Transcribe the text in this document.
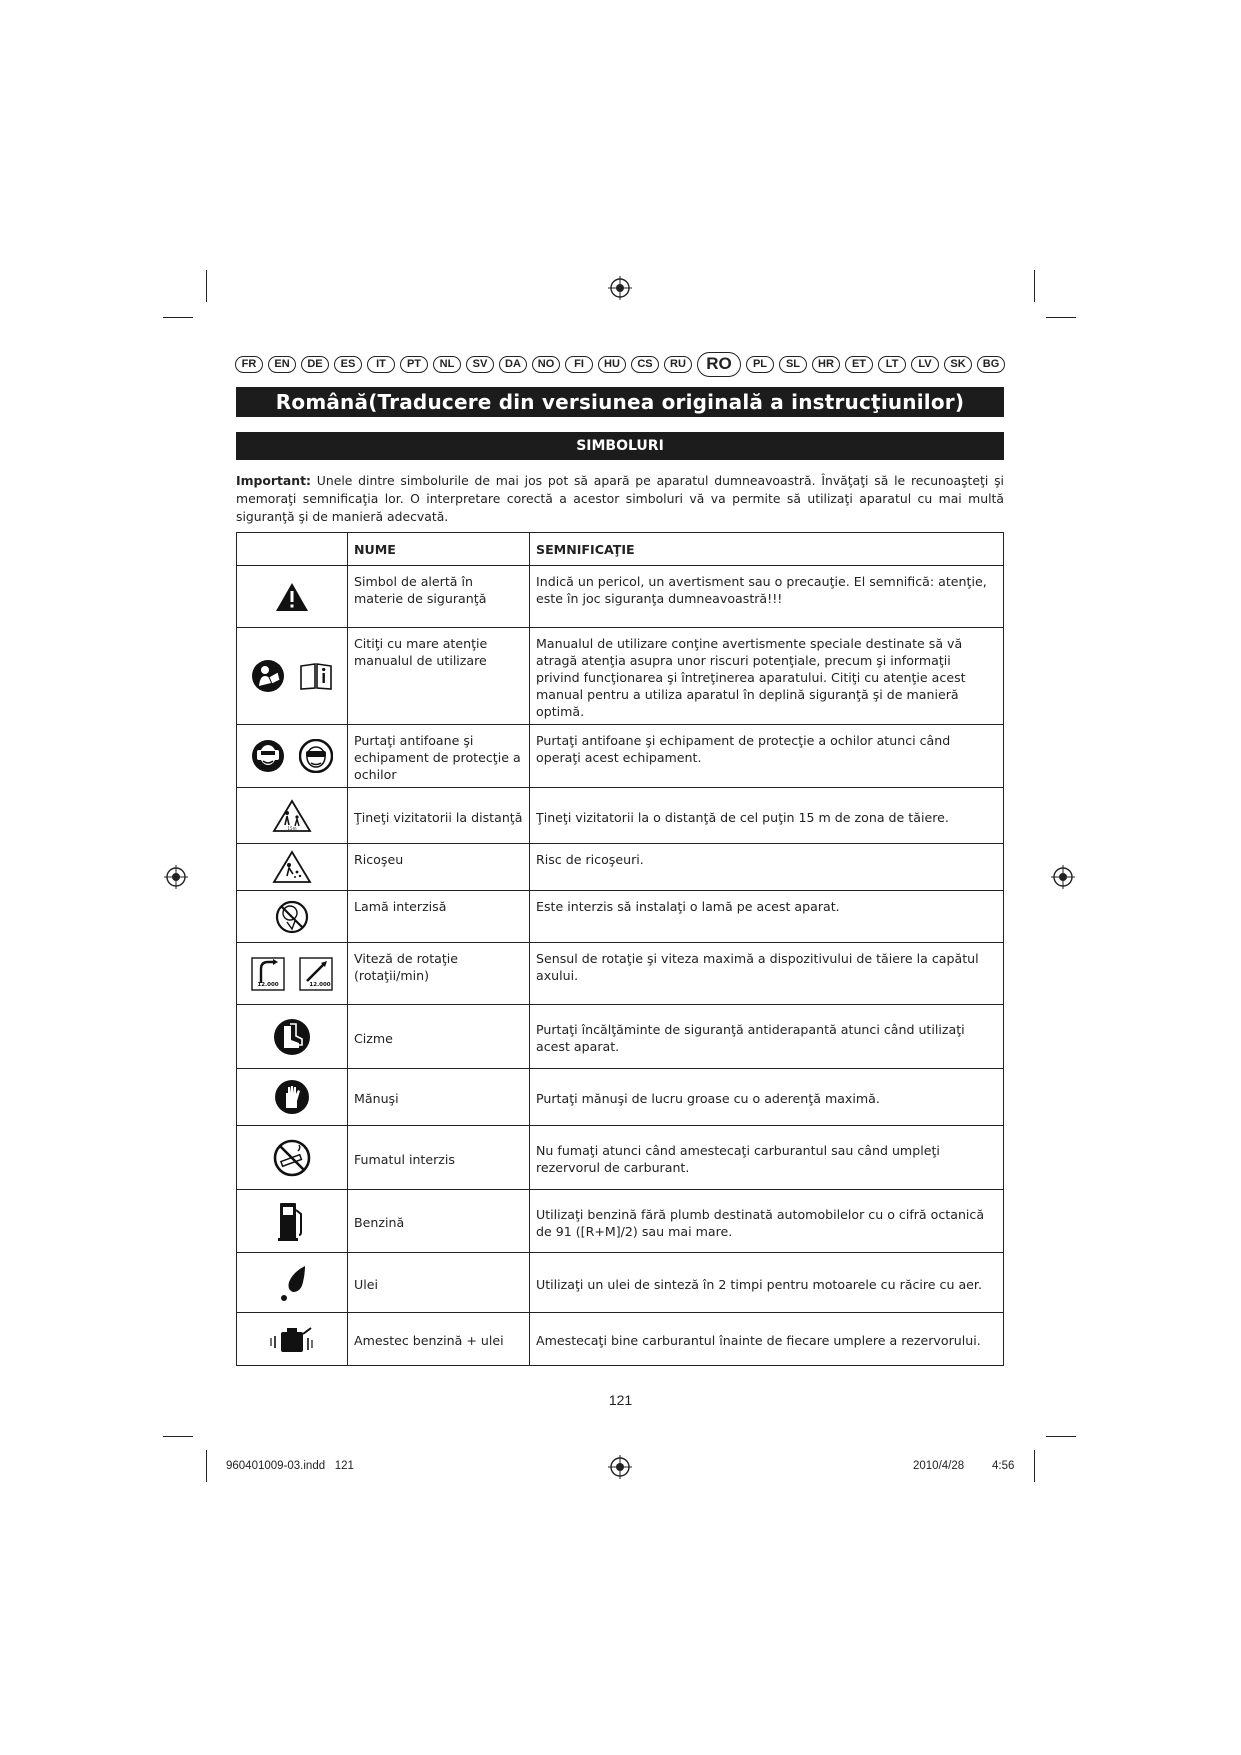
FR	EN	DE	ES	IT	PT	NL	SV	DA	NO	FI	HU	CS	RU	RO	PL	SL	HR	ET	LT	LV	SK	BG
Română(Traducere din versiunea originală a instrucţiunilor)
SIMBOLURI
Important: Unele dintre simbolurile de mai jos pot să apară pe aparatul dumneavoastră. Învăţaţi să le recunoaşteţi şi memoraţi semnificaţia lor. O interpretare corectă a acestor simboluri vă va permite să utilizaţi aparatul cu mai multă siguranţă şi de manieră adecvată.
	NUME	SEMNIFICAŢIE

	Simbol de alertă în materie de siguranţă	Indică un pericol, un avertisment sau o precauţie. El semnifică: atenţie, este în joc siguranţa dumneavoastră!!!

	Citiţi cu mare atenţie manualul de utilizare	Manualul de utilizare conţine avertismente speciale destinate să vă atragă atenţia asupra unor riscuri potenţiale, precum şi informaţii privind funcţionarea şi întreţinerea aparatului. Citiţi cu atenţie acest manual pentru a utiliza aparatul în deplină siguranţă şi de manieră optimă.

	Purtaţi antifoane şi echipament de protecţie a ochilor	Purtaţi antifoane şi echipament de protecţie a ochilor atunci când operaţi acest echipament.

15m	Ţineţi vizitatorii la distanţă	Ţineţi vizitatorii la o distanţă de cel puţin 15 m de zona de tăiere.

	Ricoşeu	Risc de ricoşeuri.

	Lamă interzisă	Este interzis să instalaţi o lamă pe acest aparat.

12.000 12.000	Viteză de rotaţie (rotaţii/min)	Sensul de rotaţie şi viteza maximă a dispozitivului de tăiere la capătul axului.

	Cizme	Purtaţi încălţăminte de siguranţă antiderapantă atunci când utilizaţi acest aparat.

	Mănuşi	Purtaţi mănuşi de lucru groase cu o aderenţă maximă.

	Fumatul interzis	Nu fumaţi atunci când amestecaţi carburantul sau când umpleţi rezervorul de carburant.

	Benzină	Utilizaţi benzină fără plumb destinată automobilelor cu o cifră octanică de 91 ([R+M]/2) sau mai mare.

	Ulei	Utilizaţi un ulei de sinteză în 2 timpi pentru motoarele cu răcire cu aer.

	Amestec benzină + ulei	Amestecaţi bine carburantul înainte de fiecare umplere a rezervorului.
121
960401009-03.indd   121	2010/4/28 4:56
